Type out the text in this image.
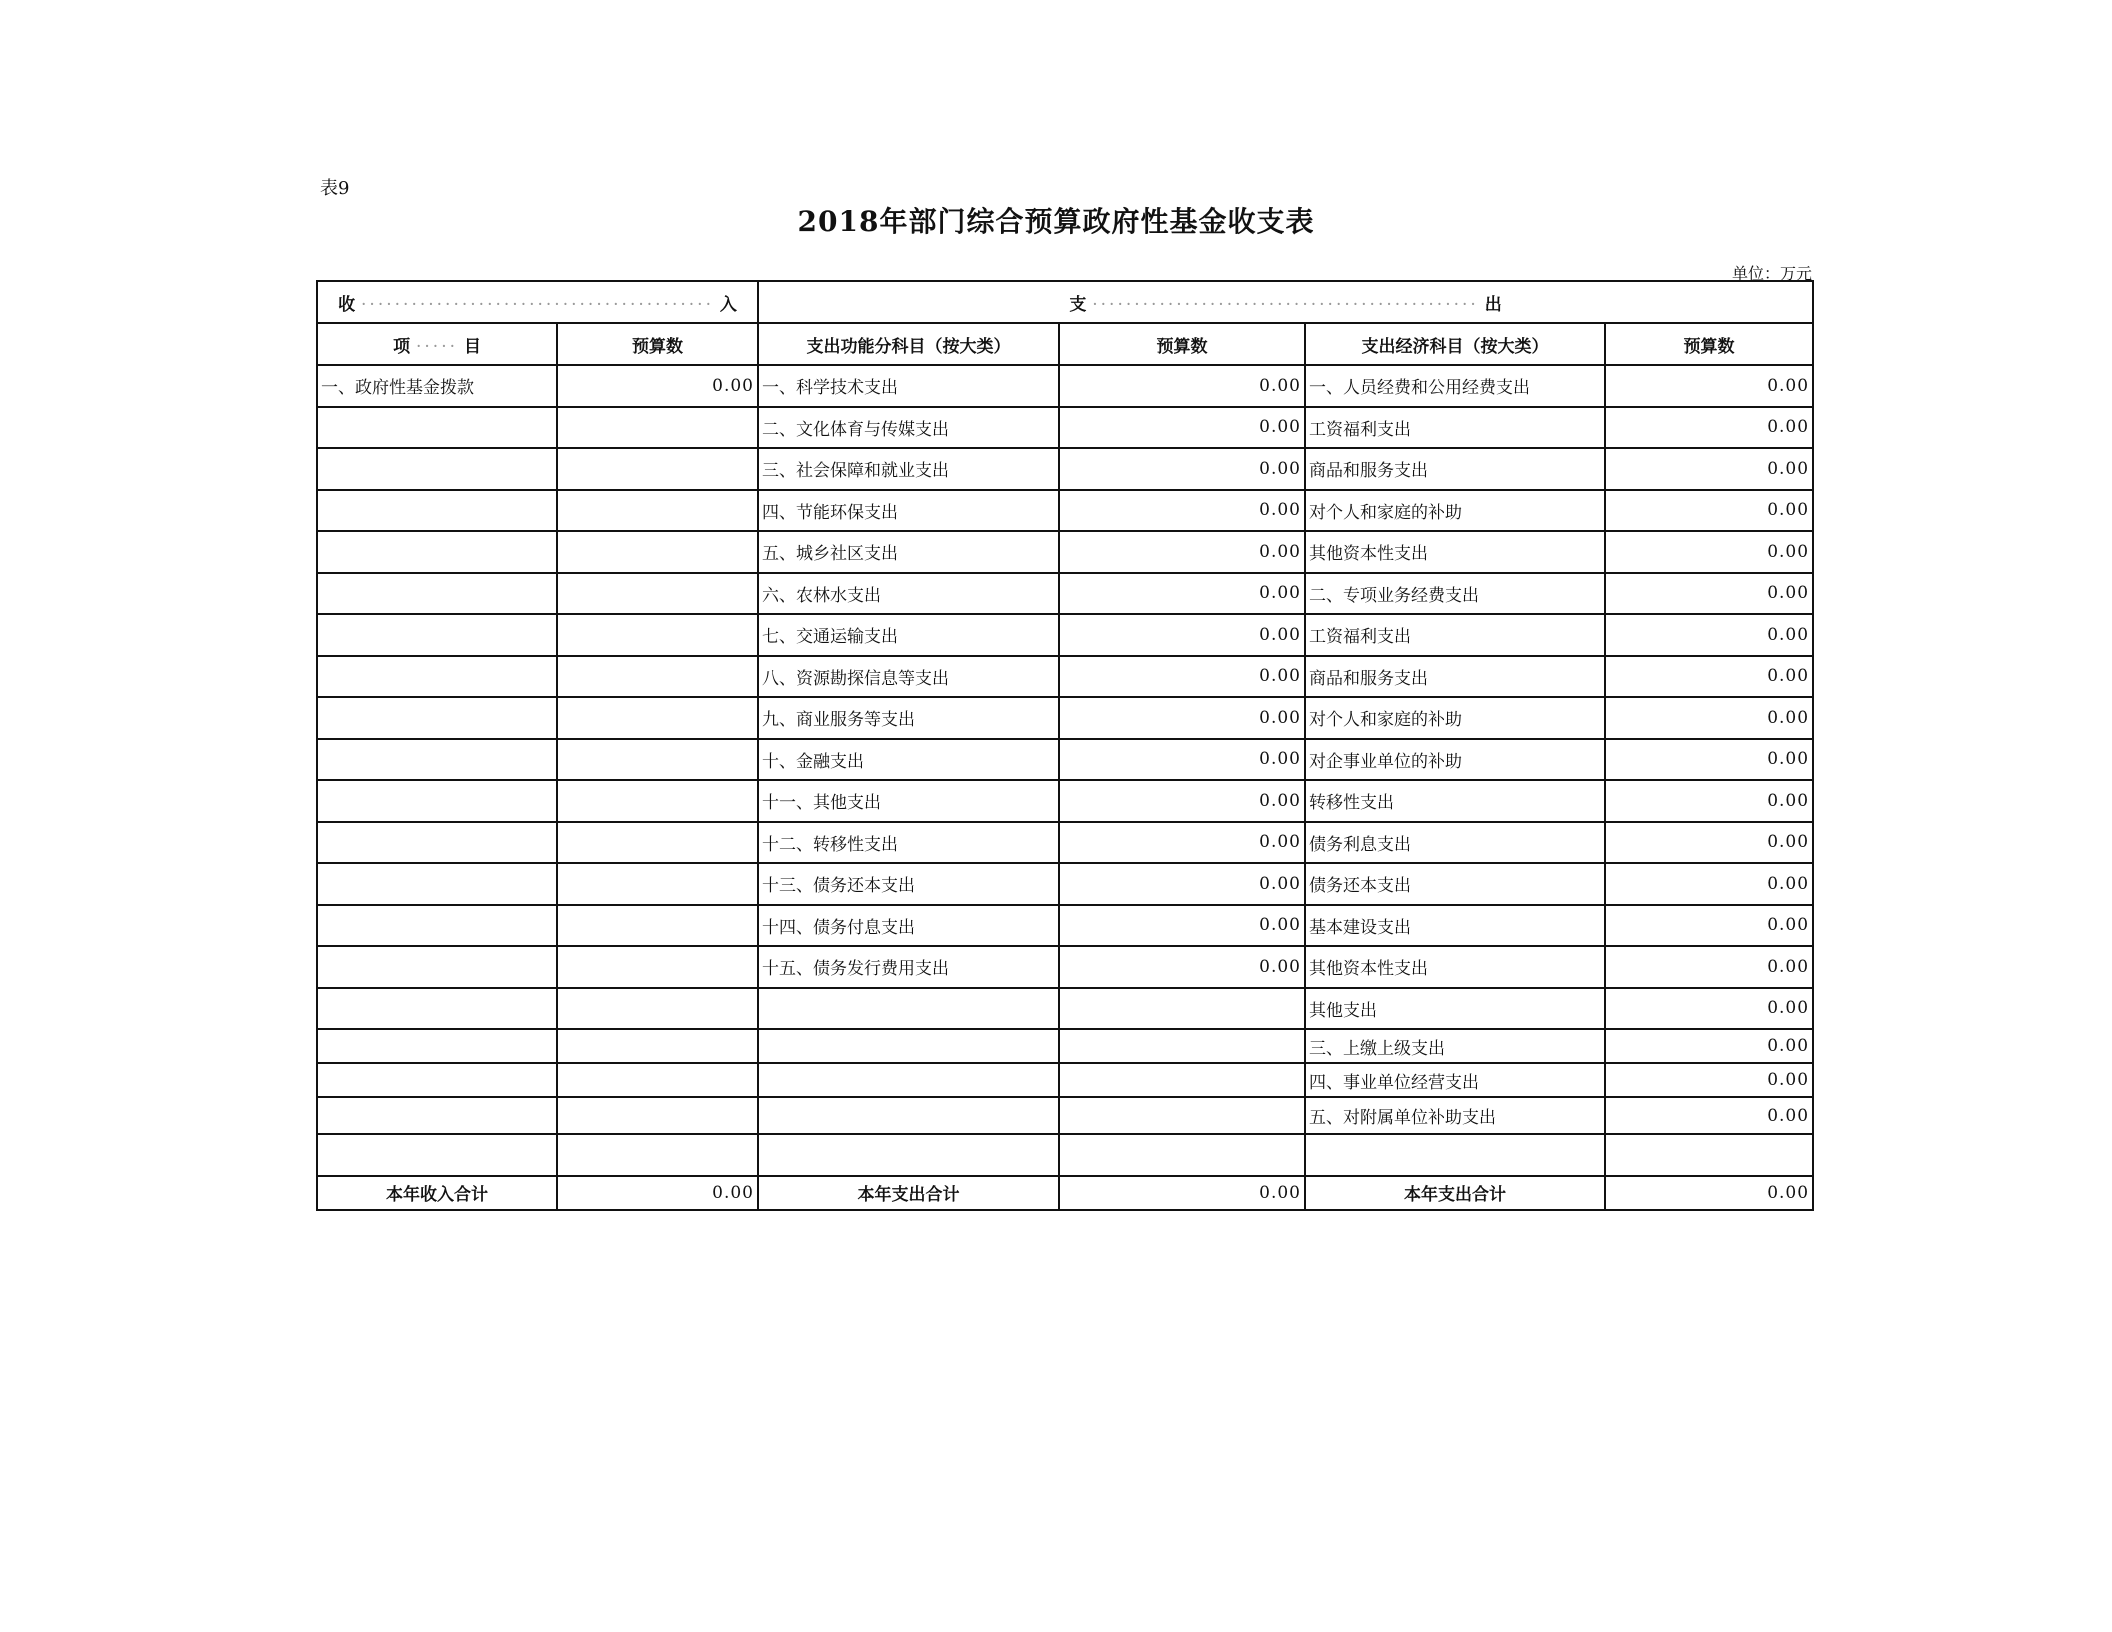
表9
2018年部门综合预算政府性基金收支表
单位：万元
收 ·········································· 入		支 ·············································· 出			
项 ····· 目	预算数	支出功能分科目（按大类）	预算数	支出经济科目（按大类）	预算数
一、政府性基金拨款	0.00	一、科学技术支出	0.00	一、人员经费和公用经费支出	0.00
		二、文化体育与传媒支出	0.00	工资福利支出	0.00
		三、社会保障和就业支出	0.00	商品和服务支出	0.00
		四、节能环保支出	0.00	对个人和家庭的补助	0.00
		五、城乡社区支出	0.00	其他资本性支出	0.00
		六、农林水支出	0.00	二、专项业务经费支出	0.00
		七、交通运输支出	0.00	工资福利支出	0.00
		八、资源勘探信息等支出	0.00	商品和服务支出	0.00
		九、商业服务等支出	0.00	对个人和家庭的补助	0.00
		十、金融支出	0.00	对企事业单位的补助	0.00
		十一、其他支出	0.00	转移性支出	0.00
		十二、转移性支出	0.00	债务利息支出	0.00
		十三、债务还本支出	0.00	债务还本支出	0.00
		十四、债务付息支出	0.00	基本建设支出	0.00
		十五、债务发行费用支出	0.00	其他资本性支出	0.00
				其他支出	0.00
				三、上缴上级支出	0.00
				四、事业单位经营支出	0.00
				五、对附属单位补助支出	0.00

本年收入合计	0.00	本年支出合计	0.00	本年支出合计	0.00
